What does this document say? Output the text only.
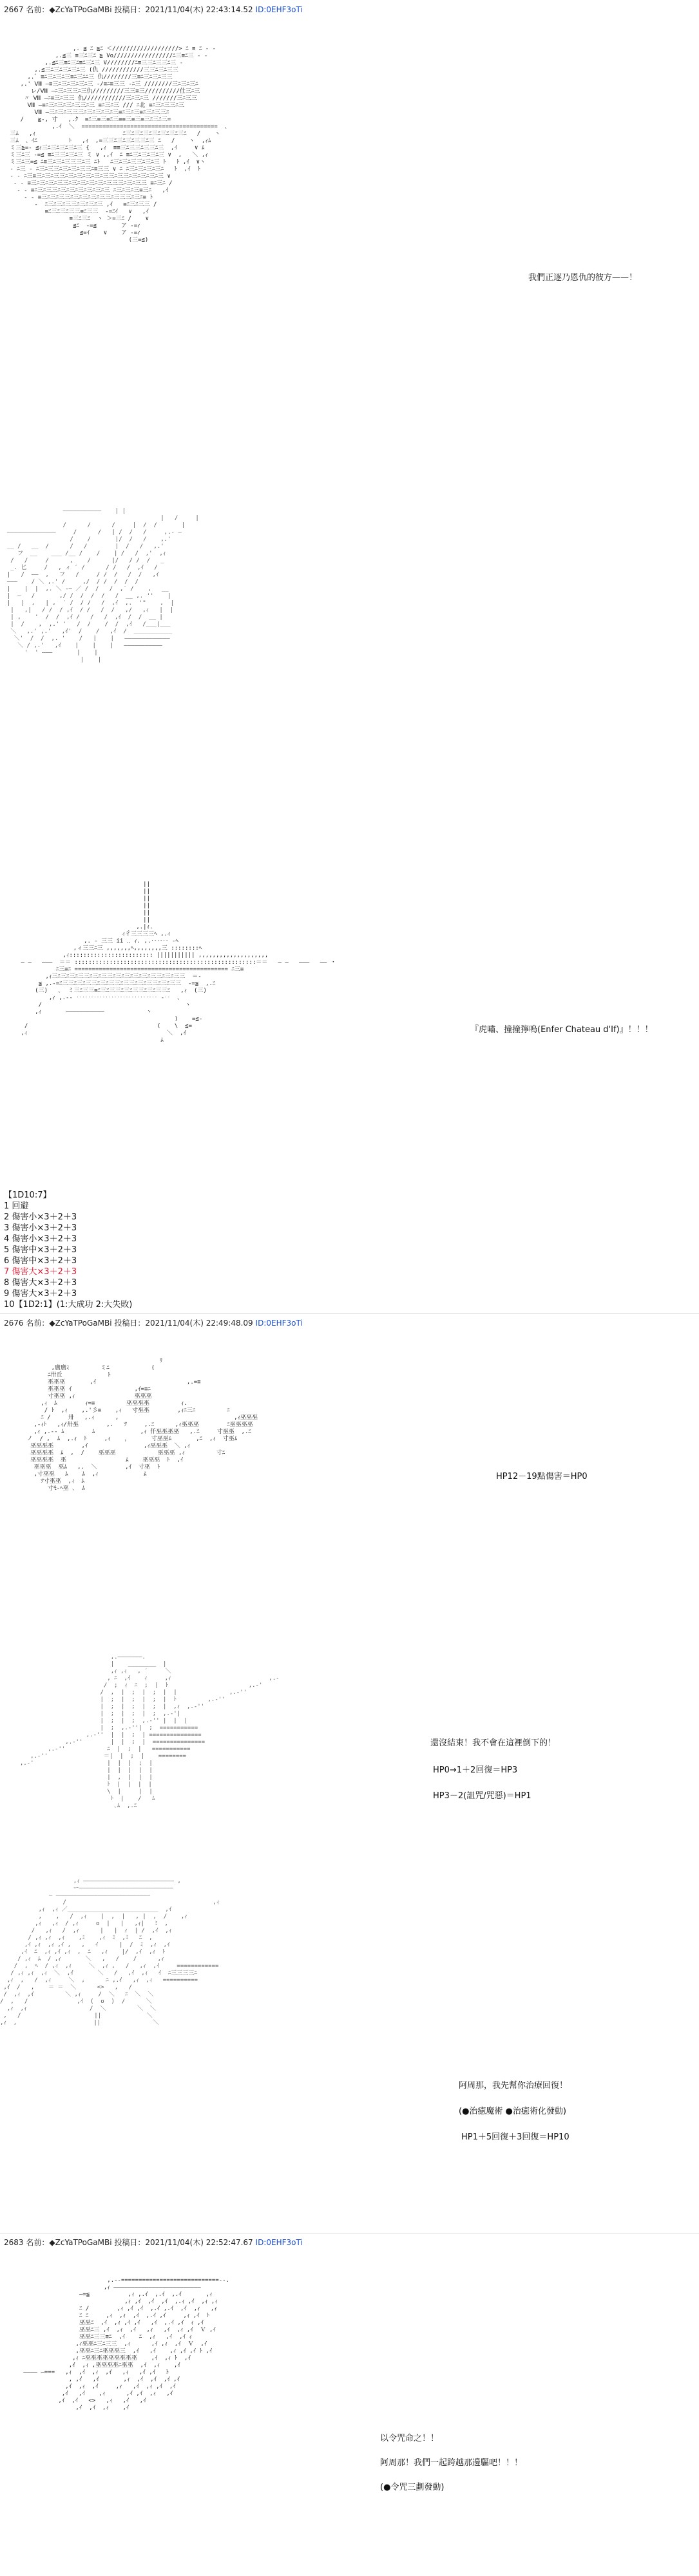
2667 名前：◆ZcYaTPoGaMBi 投稿日：2021/11/04(木) 22:43:14.52 ID:0EHF3oTi
,. ≦ ﾆ ≧ﾆ ＜///////////////////> ﾆ ≡ ﾆ - -
,.≦三 ≡三ﾆ三ﾆ ≧ Vo/////////////////ﾆ三≡ﾆ三 - -
,.≦ﾆ三≡ﾆ三ﾆ≡ﾆ三ﾆ三 V////////ﾆ≡三三ﾆ三三ﾆ三 -
,.≦三ﾆ三ﾆ三ﾆ三ﾆ三 (仇 ////////////三三ﾆ三ﾆ三三
,.ﾞ ≡ﾆ三ﾆ三ﾆ三≡ﾆ三ﾆﾆ三 仇////////三≡ﾆ三ﾆ三ﾆ三三
,.' Ⅷ ―≡三ﾆ三ﾆ三ﾆ三ﾆ三 -/≡ﾆ≡三三 -ﾆ三 ////////三ﾆ三ﾆ三ﾆ
レ/Ⅷ ―ﾆ三ﾆ三三ﾆ三仇/////////三三≡三//////////仕三ﾆ三
〃 Ⅷ ―ﾆ≡三ﾆ三三 仇////////////三ﾆ三ﾆ三 ///////三ﾆ三三
Ⅷ ―≡ﾆ三ﾆ三ﾆ三ﾆ三三ﾆ三 ≡ﾆ三ﾆ三 /// ﾆ北 ≡ﾆ三ﾆ三三ﾆ三
Ⅷ ―三ﾆ三ﾆ三三三ﾆ三ﾆ三ﾆ三ﾆ三≡ﾆ三ﾆ三≡ﾆ三ﾆ三三ﾆ
/    ≧-, 寸   ,.ｸ  ≡ﾆ三≡三≡ﾆ三≡≡三≡三≡三ﾆ三ﾆ三=
,.ｲ  ＼  =======================================  、
三ﾑ   ,ｨ                         ﾆ三ﾆ三ﾆ三ﾆ三ﾆ三ﾆ三ﾆ三ﾆ   /    ヽ
三ﾑ  、ｲﾆ         ﾄ   ,ｨ  ,=三三ﾆ三ﾆ三ﾆ三三ﾆ三 ﾆ   /    ヽ  ,ｨﾑ
ミ三≧=- ≦ｨ三ﾆ三ﾆ三ﾆ三ﾆ三 {   ,ｨ  ≡≡三ﾆ三三ﾆ三三ﾆ三  ,ｲ     ∨ ﾑ
ミ三ﾆ三 -=≦ ≡ﾆ三三ﾆ三ﾆ三 ミ ∨ ,,ｲ  ﾆ ≡ﾆ三ﾆ三ﾆ三ﾆ三 ∨  ,   ＼ ,ｨ
ミ三ﾆ三=≦ ﾆ≡三ﾆ三ﾆ三三三ﾆ三 ﾆﾄ   ﾆ三ﾆ三ﾆ三三ﾆ三ﾆ三 ﾄ   ﾄ ,ｲ  ∨ヽ
- ﾆ三 - ﾆ三ﾆ三三ﾆ三ﾆ三ﾆ三三ﾆ≡三三 ∨ ﾆ ﾆ三ﾆ三ﾆ三ﾆ三ﾆ   ﾄ  ,ｲ  ﾄ
- - ﾆ三≡三ﾆ三ﾆ三三ﾆ三ﾆ三ﾆ三ﾆ三ﾆ三三ﾆ三三ﾆ三ﾆ三ﾆ三ﾆ三 ∨
- - ≡三ﾆ三ﾆ三ﾆ三三ﾆ三ﾆ三ﾆ三ﾆ三ﾆ三三三ﾆ三ﾆ三三 ≡ﾆ三ﾆ /
- - ≡ﾆ三ﾆ三三ﾆ三ﾆ三ﾆ三ﾆ三ﾆ三ﾆ三 ﾆ三ﾆ三ﾆ三≡三ﾆ   ,ｲ
- - ≡三ﾆ三ﾆ三三ﾆ三ﾆ三ﾆ三ﾆ三三ﾆ三三三ﾆ三ﾆ≡ ﾄ
-  ﾆ三ﾆ三ﾆ三三ﾆ三ﾆ三ﾆ三 ,ｲ   ≡ﾆ三ﾆ三三 /
≡ﾆ三ﾆ三ﾆ三三≡ﾆ三三  -=ﾆｲ   ∨   ,ｲ
≡三ﾆ三ﾆ  ヽ ＞=三ﾆ /    ∨
≦ﾆ  -=≦       ア -=ｨ
≦=ｲ    ∨    ア -=ｨ
(三=≦)
我們正逐乃恩仇的彼方——！
―――――――――――    | |
|   /     |
/      /      /     |  /  /       |
――――――――――――――     /      /   | /  /   /     ,.- ―
/    /       |/  /   /    ,.'
__ /   __  /      /   /        |  /   /   ,.'
フ  __    ___ /__ /    /    | /   /  ,'  ,ｨ
/   /     /      ,    /      |/   / /  /   _
_. 匕     /   , ィ ′ /      / /   /  ,ｲ   /
|   /  ――  ,   フ   /     / /  /   /  /   ,ｲ
―――    / ＼ ,.' /     ,/  / /  /  /  /
|    |  |  ,. ＼ -― ／ /  /   /  ,′ /    ,   __
|  ―   /       ,/ /  /  /  /   /  __ ,. ''    |
|   |  ,   | ,  ′ /  / /   /  ,ｲ  ,.  '"    ,  |
|   ,|   / /  / ,ｲ  / /   /  /   ,/   ,ｨ   |  |
| ,    '  /  /  ,ｲ /   /   /  ,ｲ  /  /  __ |
|  /    ,  ,.' '   /  /    /  /  ,ｲ   /___|___
＼   ,.' ,.'   ,ｲ'  /    /   ,ｲ  /  ___________
＼'  /  /  ,. '    /   |    |   ―――――――――――――
＼ / ,.'   ,ｲ    |    |    |   ―――――――――――
'  ' ―――       |    |
|    |
||
||
||
||
||
||
,.|ｨ.
ｨ彳三三三三ﾍ ,.ｨ
,. - 三三 ii ‥ ｨ. ,.‥‥‥ -ﾍ
,ィ三三ﾆ三 ,,,,,,,ﾍ,,,,,,,,三 ::::::::ﾍ
,ｨ:::::::::::::::::::::::: ||||||||||| ,,,,,,,,,,,,,,,,,,,,
― ―   ―――  ＝＝ ::::::::::::::::::::::::::::::::::::::::::::::::::::＝＝   ― ―   ―――   ―― ・
ﾆ三≡ﾆ ============================================ ﾆ三≡
,ｨ三ﾆ三ﾆ三ﾆ三三ﾆ三ﾆ三三ﾆ三ﾆ三ﾆ三ﾆ三ﾆ三三ﾆ三ﾆ三三  ＝-
≦ ,.-=ﾆ三三ﾆ三ﾆ三三ﾆ三ﾆ三三ﾆ三三ﾆ三ﾆ三三ﾆ三ﾆ三三  -=≦  ,.ﾆ
(三)   ､  ミ三ﾆ三三≡ﾆ三ﾆ三三ﾆ三ﾆ三三ﾆ三ﾆ三三ﾆ   ,ｨ  (三)
,ｨ ,.-‐ ‥‥‥‥‥‥‥‥‥‥‥‥‥‥ -‥  、
/                                         ヽ
,ｨ       ―――――――――――            ヽ
)    =≦-
/                                     (    \  ≦=
,ｨ                                        ＼  ,ｲ
ﾑ
『虎嘯、撞撞獰嗚(Enfer Chateau d'If)』！！！
【1D10:7】
1 回避
2 傷害小×3＋2＋3
3 傷害小×3＋2＋3
4 傷害小×3＋2＋3
5 傷害中×3＋2＋3
6 傷害中×3＋2＋3
7 傷害大×3＋2＋3
8 傷害大×3＋2＋3
9 傷害大×3＋2＋3
10【1D2:1】(1:大成功 2:大失敗)
2676 名前：◆ZcYaTPoGaMBi 投稿日：2021/11/04(木) 22:49:48.09 ID:0EHF3oTi
ﾘ
,廣廣ﾐ         ミﾆ            (
ﾆ卅丘             ﾄ
巫巫巫       ,ｲ                          ,.=≡
巫巫巫 ｲ                  ,ｲ=≡ﾆ
寸巫巫 ,ｨ                 巫巫巫
,ｨ  ﾑ        ｨ=≡         巫巫巫巫         ｨ.
/ ﾄ  ,ｨ    ,.'彡≡    ,ｨ   寸巫巫        ,ｨﾆ三ﾆ         ﾆ
ﾆ /     卅   ,.ｨ      ,                                 ,ｨ巫巫巫
,-ｨﾄ   ,ｨ/卅巫        ,.   ﾂ     ,.ﾆ      ,ｨ巫巫巫        ﾆ巫巫巫巫
,ｨ ,.-- ﾑ        ﾑ             ,ｨ 仟巫巫巫巫   ,.ﾆ     寸巫巫  ,.ﾆ
ノ  / ,  ﾑ  ,.ｨ  ﾄ     ,ｨ    ，      寸巫巫ﾑ       ,ﾆ  ,ｨ  寸巫ﾑ
巫巫巫巫        ,ｲ                ,ｨ巫巫巫  ＼ ,ｨ
巫巫巫巫  ﾑ  ,  /    巫巫巫            巫巫巫 ,ｨ         寸ﾆ
巫巫巫巫  巫                 ﾑ    巫巫巫  ﾄ  ,ｲ
巫巫巫  巫ﾑ   ,.  ＼        ,ｲ  寸巫  ﾄ
,寸巫巫   ﾑ    ﾑ  ,ｨ             ﾑ
ﾂ寸巫巫  ,ｨ  ﾑ
寸ﾓ-ﾍ巫 ､  ﾑ
HP12－19點傷害＝HP0
,.―――――――.
|    ________  |
,ｨ ,ｨ   , ′     ＼
, ﾆ  ,ｲ    ｨ     ,ｨ                            ,.-
/  ;  ｨ  ﾆ  ;  |  ﾄ                       ,.-'
/  ,  |  ;  |  ;  |  |               ,.-''
|  ;  |  ;  |  ;  |  ﾄ         ,.-''
|  ;  |  ;  |  ;  |  ,ｨ  ,.-''
|  ;  |  ;  |  ;  ,.-'|
|  ;  |  ;  ,.-'' |  |  |
|  ;  ,.-''|  ;  ===========
,.-''  |  |  ;  | ===============
,.-''        |  |  ;  |  ===============
,.-''            ﾆ  |  ;  |   ===========
,.-''                ＝|  |  ;  |    ========
,.-'                     |  |  |  ;  |
|  |  |  |  |
|  ,  |  |  |
ﾄ  |  |  |  |
\  |     |  |
ﾄ  |    /   ﾑ
､ﾑ  ,.ﾆ
還沒結束！我不會在這裡倒下的！
HP0→1＋2回復＝HP3
HP3－2(詛咒/咒惡)＝HP1
,ｨ ―――――――――――――――――――――――――― ,
ー―――――――――――――――――――――――――――
― ―――――――――――――――――――――――――――
/                                          ,ｨ
,ｨ  ,ｨ ／__________________________  ,ｲ
,    ,   /  ,ｨ    |  ,  |   , |  ,  /    ,ｨ
,ｨ   ,ｨ  / ,ｨ     o  |   |   ,ｨ|   ﾐ  ,
/   ,ｨ   /  ,ｨ      |   |  ｨ  | /  ,ｲ  ,ｨ
/ ,ｨ ,ｨ  ,ｨ    ,ﾐ    ,ｨ  ﾐ  ,ﾐ   ﾆ  ,
,ｲ ,ｨ  ,ｨ ,ｲ ,   ,   ｲ      |  /  ﾐ  ,ｨ  ,ｲ
,ｲ  ﾆ  ,ｨ ,ｲ ,ｨ  ,  ﾆ   ,ｨ    |/  ,ｲ  ,ｨ  ﾄ
/ ,ｨ  ﾑ  / ,ｨ       ＼   ,   /    /      ,ｨ
/  ,  ﾍ  / ,ｨ  ,ｨ     ＼  ,ｨ ,   /   ,ｨ  ,ｲ     ============
/ ,ｨ ,ｨ  ,ｨ  ＼  ,ｲ       ＼   /   ,ｲ  ,ｨ   ｲ  ﾆ三三三三ﾆ
,ｨ  ,   /  ,ｨ     ＼  ,      ﾆ ,.ｲ   ,ｨ  ,ｨ   ==========
,ｲ  /   ,    ＝ ＝  ＼      <>   ,   /
/  ,ｨ  ,ｲ         ＼ ,ｨ     /  ＼   ﾆ  ＼  ＼
/  ,   /              ,ｲ  (  o  )  /      ＼
,ｨ  ,ｨ                  /  ＼         ＼  ＼
,   /                     ||             ＼
,ｨ  ,                      ||               ＼
阿周那，我先幫你治療回復！
(●治癒魔術 ●治癒術化發動)
HP1＋5回復＋3回復＝HP10
2683 名前：◆ZcYaTPoGaMBi 投稿日：2021/11/04(木) 22:52:47.67 ID:0EHF3oTi
,.-‐============================‐-.
,ｨ ―――――――――――――――――――――――――
―=≦           ,ｨ ,.ｲ  ,.ｲ  ,.ｲ       ,ｨ
,ｨ ,ｲ  ,ｲ  ,ｲ  ,.ｨ ,ｲ  ,ｨ ,ｨ
ﾆ /        ,ｨ ,ｲ ,ｲ  ,.ｲ ,.ｲ  ,ｲ  ,ｨ   ,ｨ
ﾆ ﾆ     ,ｨ  ,ｨ  ,ｲ  ,.ｲ ,ｲ     ,ｨ ,ｲ  ﾄ
巫巫ﾆ  ,ｲ  ,ｨ ,ｲ ,ｲ   ,ｲ  ,.ｲ ,ｲ  ｨ ,ｲ
巫巫ﾆ三 ,ｲ  ,ｨ  ,ｲ   ,ｨ   ,ｲ  ,ｨ ,ｲ  Ｖ ,ｲ
巫巫ﾆ三三≡ﾆ  ,ｲ    ﾆ  ,ｨ   ,ｲ  ,ｲ ｨ
,ｨ巫巫ﾆ三ﾆ三三  ,ｨ      ,ｲ ,ｨ  ,ｲ  Ｖ  ,ｲ
,巫巫ﾆ三ﾆ巫巫巫三  ,ｲ   ,ｲ    ,ｨ ,ｲ ,ｲ ﾄ ,ｲ
,ｨ ﾆ巫巫巫巫巫巫巫巫巫    ,ｲ  ,ｨ ﾄ  ,ｲ
,ｲ  ,ｨ ,巫巫巫巫ﾆ巫巫  ,ｲ  ,ｨ    ,ｲ
―――― ―===   ,ｨ  ,ｲ  ,ｨ  ,ｲ   ,ｨ   ,ｲ ,ｲ   ﾄ
, ,ｲ   ,ｲ       ,ｨ  ,ｲ  ,ｲ  ,ｲ ,ｲ
,ｲ  ,ｨ  ,ｲ     ,ｨ   ,ｲ  ,ｨ ,ｲ  ,ｲ
,ｲ   ,ｲ    ,ｨ      ,ｲ ,ｲ  ,ｨ   ,ｲ
,ｲ  ,ｲ   <>   ,ｨ   ,ｲ   ,ｲ
,ｲ  ,ｲ  ,ｨ    ,ｲ
以令咒命之！！
阿周那！我們一起跨越那邊驅吧！！！
(●令咒三劃發動)
